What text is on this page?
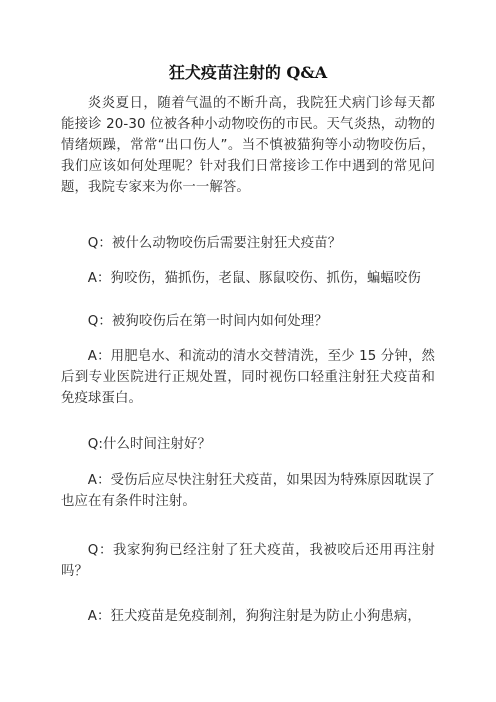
狂犬疫苗注射的 Q&A

炎炎夏日，随着气温的不断升高，我院狂犬病门诊每天都能接诊 20-30 位被各种小动物咬伤的市民。天气炎热，动物的情绪烦躁，常常“出口伤人”。当不慎被猫狗等小动物咬伤后，我们应该如何处理呢？针对我们日常接诊工作中遇到的常见问题，我院专家来为你一一解答。

Q：被什么动物咬伤后需要注射狂犬疫苗？

A：狗咬伤，猫抓伤，老鼠、豚鼠咬伤、抓伤，蝙蝠咬伤

Q：被狗咬伤后在第一时间内如何处理？

A：用肥皂水、和流动的清水交替清洗，至少 15 分钟，然后到专业医院进行正规处置，同时视伤口轻重注射狂犬疫苗和免疫球蛋白。

Q:什么时间注射好？

A：受伤后应尽快注射狂犬疫苗，如果因为特殊原因耽误了也应在有条件时注射。

Q：我家狗狗已经注射了狂犬疫苗，我被咬后还用再注射吗？

A：狂犬疫苗是免疫制剂，狗狗注射是为防止小狗患病，
